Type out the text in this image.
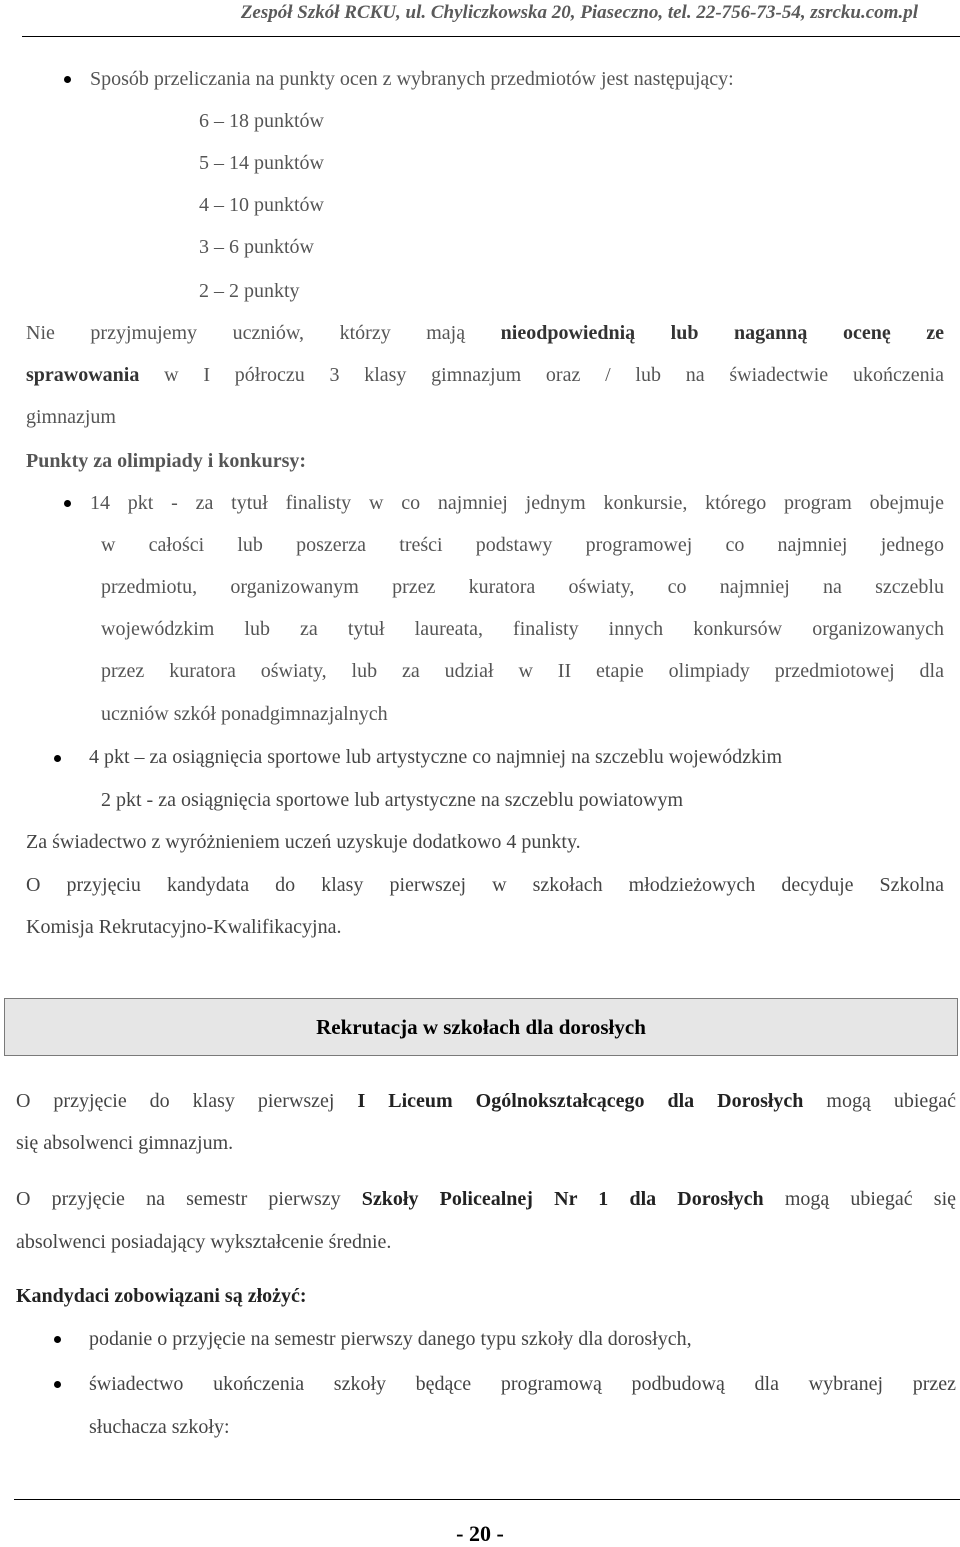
Zespół Szkół RCKU, ul. Chyliczkowska 20, Piaseczno, tel. 22-756-73-54, zsrcku.com.pl
Sposób przeliczania na punkty ocen z wybranych przedmiotów jest następujący:
6 – 18 punktów
5 – 14 punktów
4 – 10 punktów
3 – 6 punktów
2 – 2 punkty
Nie przyjmujemy uczniów, którzy mają nieodpowiednią lub naganną ocenę ze
sprawowania w I półroczu 3 klasy gimnazjum oraz / lub na świadectwie ukończenia
gimnazjum
Punkty za olimpiady i konkursy:
14 pkt - za tytuł finalisty w co najmniej jednym konkursie, którego program obejmuje
w całości lub poszerza treści podstawy programowej co najmniej jednego
przedmiotu, organizowanym przez kuratora oświaty, co najmniej na szczeblu
wojewódzkim lub za tytuł laureata, finalisty innych konkursów organizowanych
przez kuratora oświaty, lub za udział w II etapie olimpiady przedmiotowej dla
uczniów szkół ponadgimnazjalnych
4 pkt – za osiągnięcia sportowe lub artystyczne co najmniej na szczeblu wojewódzkim
2 pkt - za osiągnięcia sportowe lub artystyczne na szczeblu powiatowym
Za świadectwo z wyróżnieniem uczeń uzyskuje dodatkowo 4 punkty.
O przyjęciu kandydata do klasy pierwszej w szkołach młodzieżowych decyduje Szkolna
Komisja Rekrutacyjno-Kwalifikacyjna.
Rekrutacja w szkołach dla dorosłych
O przyjęcie do klasy pierwszej I Liceum Ogólnokształcącego dla Dorosłych mogą ubiegać
się absolwenci gimnazjum.
O przyjęcie na semestr pierwszy Szkoły Policealnej Nr 1 dla Dorosłych mogą ubiegać się
absolwenci posiadający wykształcenie średnie.
Kandydaci zobowiązani są złożyć:
podanie o przyjęcie na semestr pierwszy danego typu szkoły dla dorosłych,
świadectwo ukończenia szkoły będące programową podbudową dla wybranej przez
słuchacza szkoły:
- 20 -
